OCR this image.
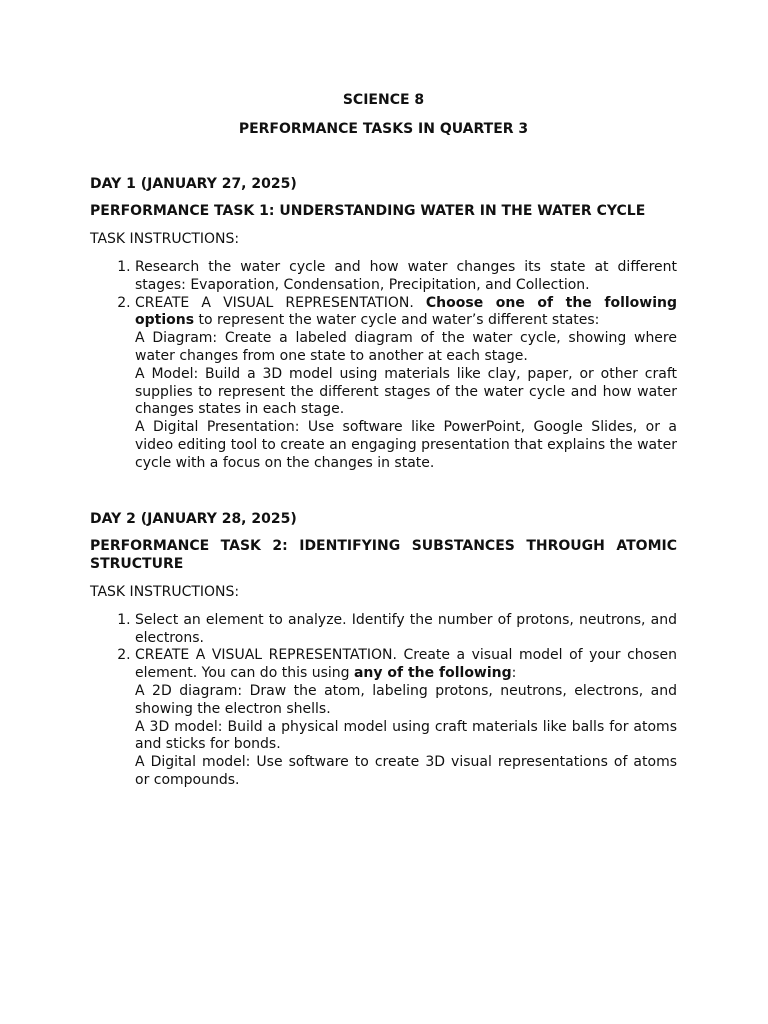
SCIENCE 8

PERFORMANCE TASKS IN QUARTER 3

DAY 1 (JANUARY 27, 2025)

PERFORMANCE TASK 1: UNDERSTANDING WATER IN THE WATER CYCLE

TASK INSTRUCTIONS:

1. Research the water cycle and how water changes its state at different stages: Evaporation, Condensation, Precipitation, and Collection.
2. CREATE A VISUAL REPRESENTATION. Choose one of the following options to represent the water cycle and water’s different states:

A Diagram: Create a labeled diagram of the water cycle, showing where water changes from one state to another at each stage.

A Model: Build a 3D model using materials like clay, paper, or other craft supplies to represent the different stages of the water cycle and how water changes states in each stage.

A Digital Presentation: Use software like PowerPoint, Google Slides, or a video editing tool to create an engaging presentation that explains the water cycle with a focus on the changes in state.

DAY 2 (JANUARY 28, 2025)

PERFORMANCE TASK 2: IDENTIFYING SUBSTANCES THROUGH ATOMIC STRUCTURE

TASK INSTRUCTIONS:

1. Select an element to analyze. Identify the number of protons, neutrons, and electrons.
2. CREATE A VISUAL REPRESENTATION. Create a visual model of your chosen element. You can do this using any of the following:

A 2D diagram: Draw the atom, labeling protons, neutrons, electrons, and showing the electron shells.

A 3D model: Build a physical model using craft materials like balls for atoms and sticks for bonds.

A Digital model: Use software to create 3D visual representations of atoms or compounds.
